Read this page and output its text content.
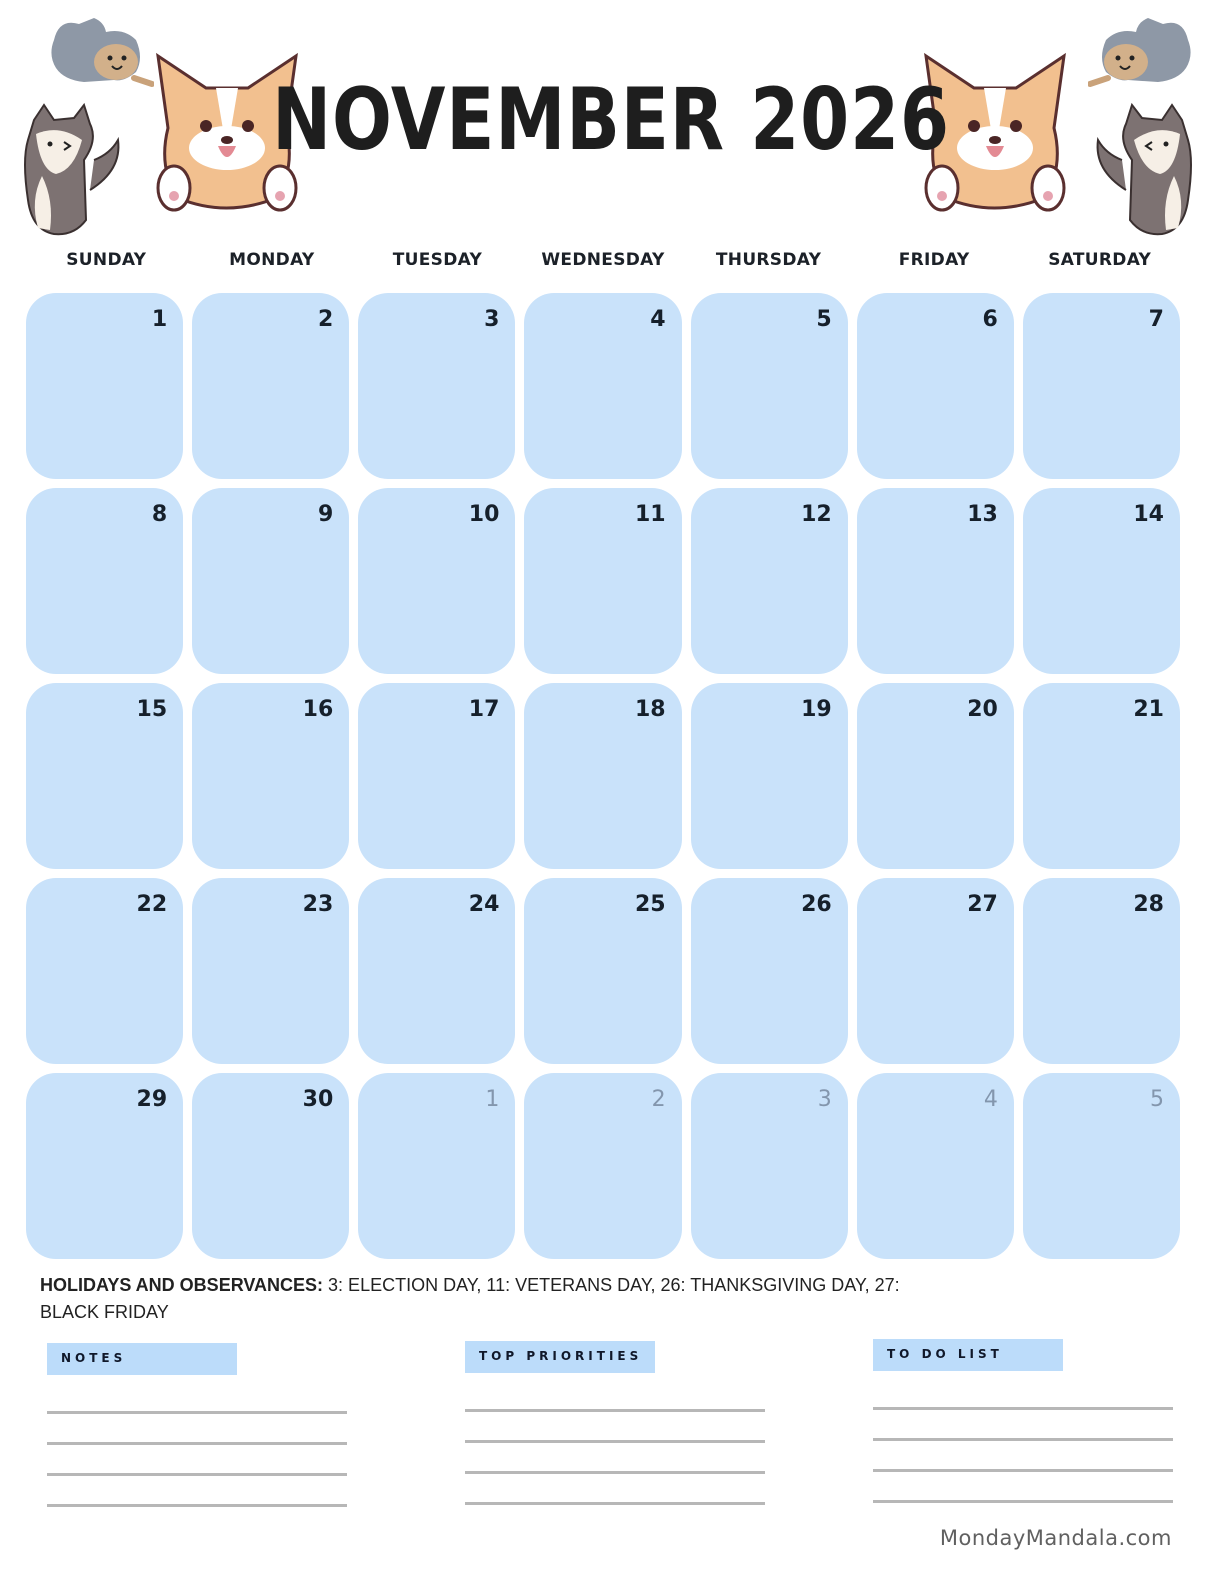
NOVEMBER 2026
SUNDAY	MONDAY	TUESDAY	WEDNESDAY	THURSDAY	FRIDAY	SATURDAY
1	2	3	4	5	6	7
8	9	10	11	12	13	14
15	16	17	18	19	20	21
22	23	24	25	26	27	28
29	30	1	2	3	4	5
HOLIDAYS AND OBSERVANCES: 3: ELECTION DAY, 11: VETERANS DAY, 26: THANKSGIVING DAY, 27: BLACK FRIDAY
NOTES	TOP PRIORITIES	TO DO LIST
MondayMandala.com
